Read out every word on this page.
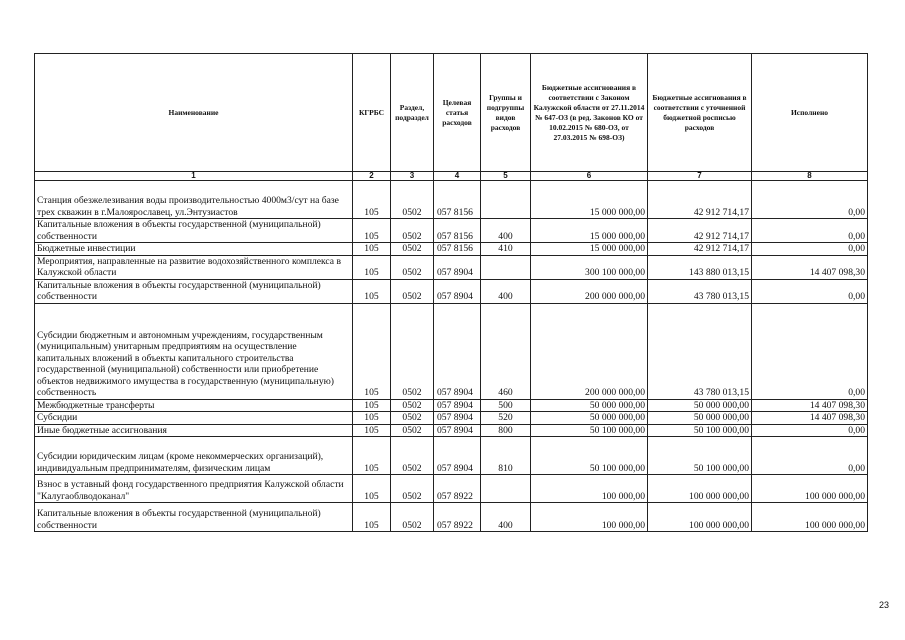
Наименование	КГРБС	Раздел, подраздел	Целевая статья расходов	Группы и подгруппы видов расходов	Бюджетные ассигнования в соответствии с Законом Калужской области от 27.11.2014 № 647-ОЗ (в ред. Законов КО от 10.02.2015 № 680-ОЗ, от 27.03.2015 № 698-ОЗ)	Бюджетные ассигнования в соответствии с уточненной бюджетной росписью расходов	Исполнено
1	2	3	4	5	6	7	8
Станция обезжелезивания воды производительностью 4000м3/сут на базе трех скважин в г.Малоярославец, ул.Энтузиастов	105	0502	057 8156		15 000 000,00	42 912 714,17	0,00
Капитальные вложения в объекты государственной (муниципальной) собственности	105	0502	057 8156	400	15 000 000,00	42 912 714,17	0,00
Бюджетные инвестиции	105	0502	057 8156	410	15 000 000,00	42 912 714,17	0,00
Мероприятия, направленные на развитие водохозяйственного комплекса в Калужской области	105	0502	057 8904		300 100 000,00	143 880 013,15	14 407 098,30
Капитальные вложения в объекты государственной (муниципальной) собственности	105	0502	057 8904	400	200 000 000,00	43 780 013,15	0,00
Субсидии бюджетным и автономным учреждениям, государственным (муниципальным) унитарным предприятиям на осуществление капитальных вложений в объекты капитального строительства государственной (муниципальной) собственности или приобретение объектов недвижимого имущества в государственную (муниципальную) собственность	105	0502	057 8904	460	200 000 000,00	43 780 013,15	0,00
Межбюджетные трансферты	105	0502	057 8904	500	50 000 000,00	50 000 000,00	14 407 098,30
Субсидии	105	0502	057 8904	520	50 000 000,00	50 000 000,00	14 407 098,30
Иные бюджетные ассигнования	105	0502	057 8904	800	50 100 000,00	50 100 000,00	0,00
Субсидии юридическим лицам (кроме некоммерческих организаций), индивидуальным предпринимателям, физическим лицам	105	0502	057 8904	810	50 100 000,00	50 100 000,00	0,00
Взнос в уставный фонд государственного предприятия Калужской области "Калугаоблводоканал"	105	0502	057 8922		100 000,00	100 000 000,00	100 000 000,00
Капитальные вложения в объекты государственной (муниципальной) собственности	105	0502	057 8922	400	100 000,00	100 000 000,00	100 000 000,00
23
